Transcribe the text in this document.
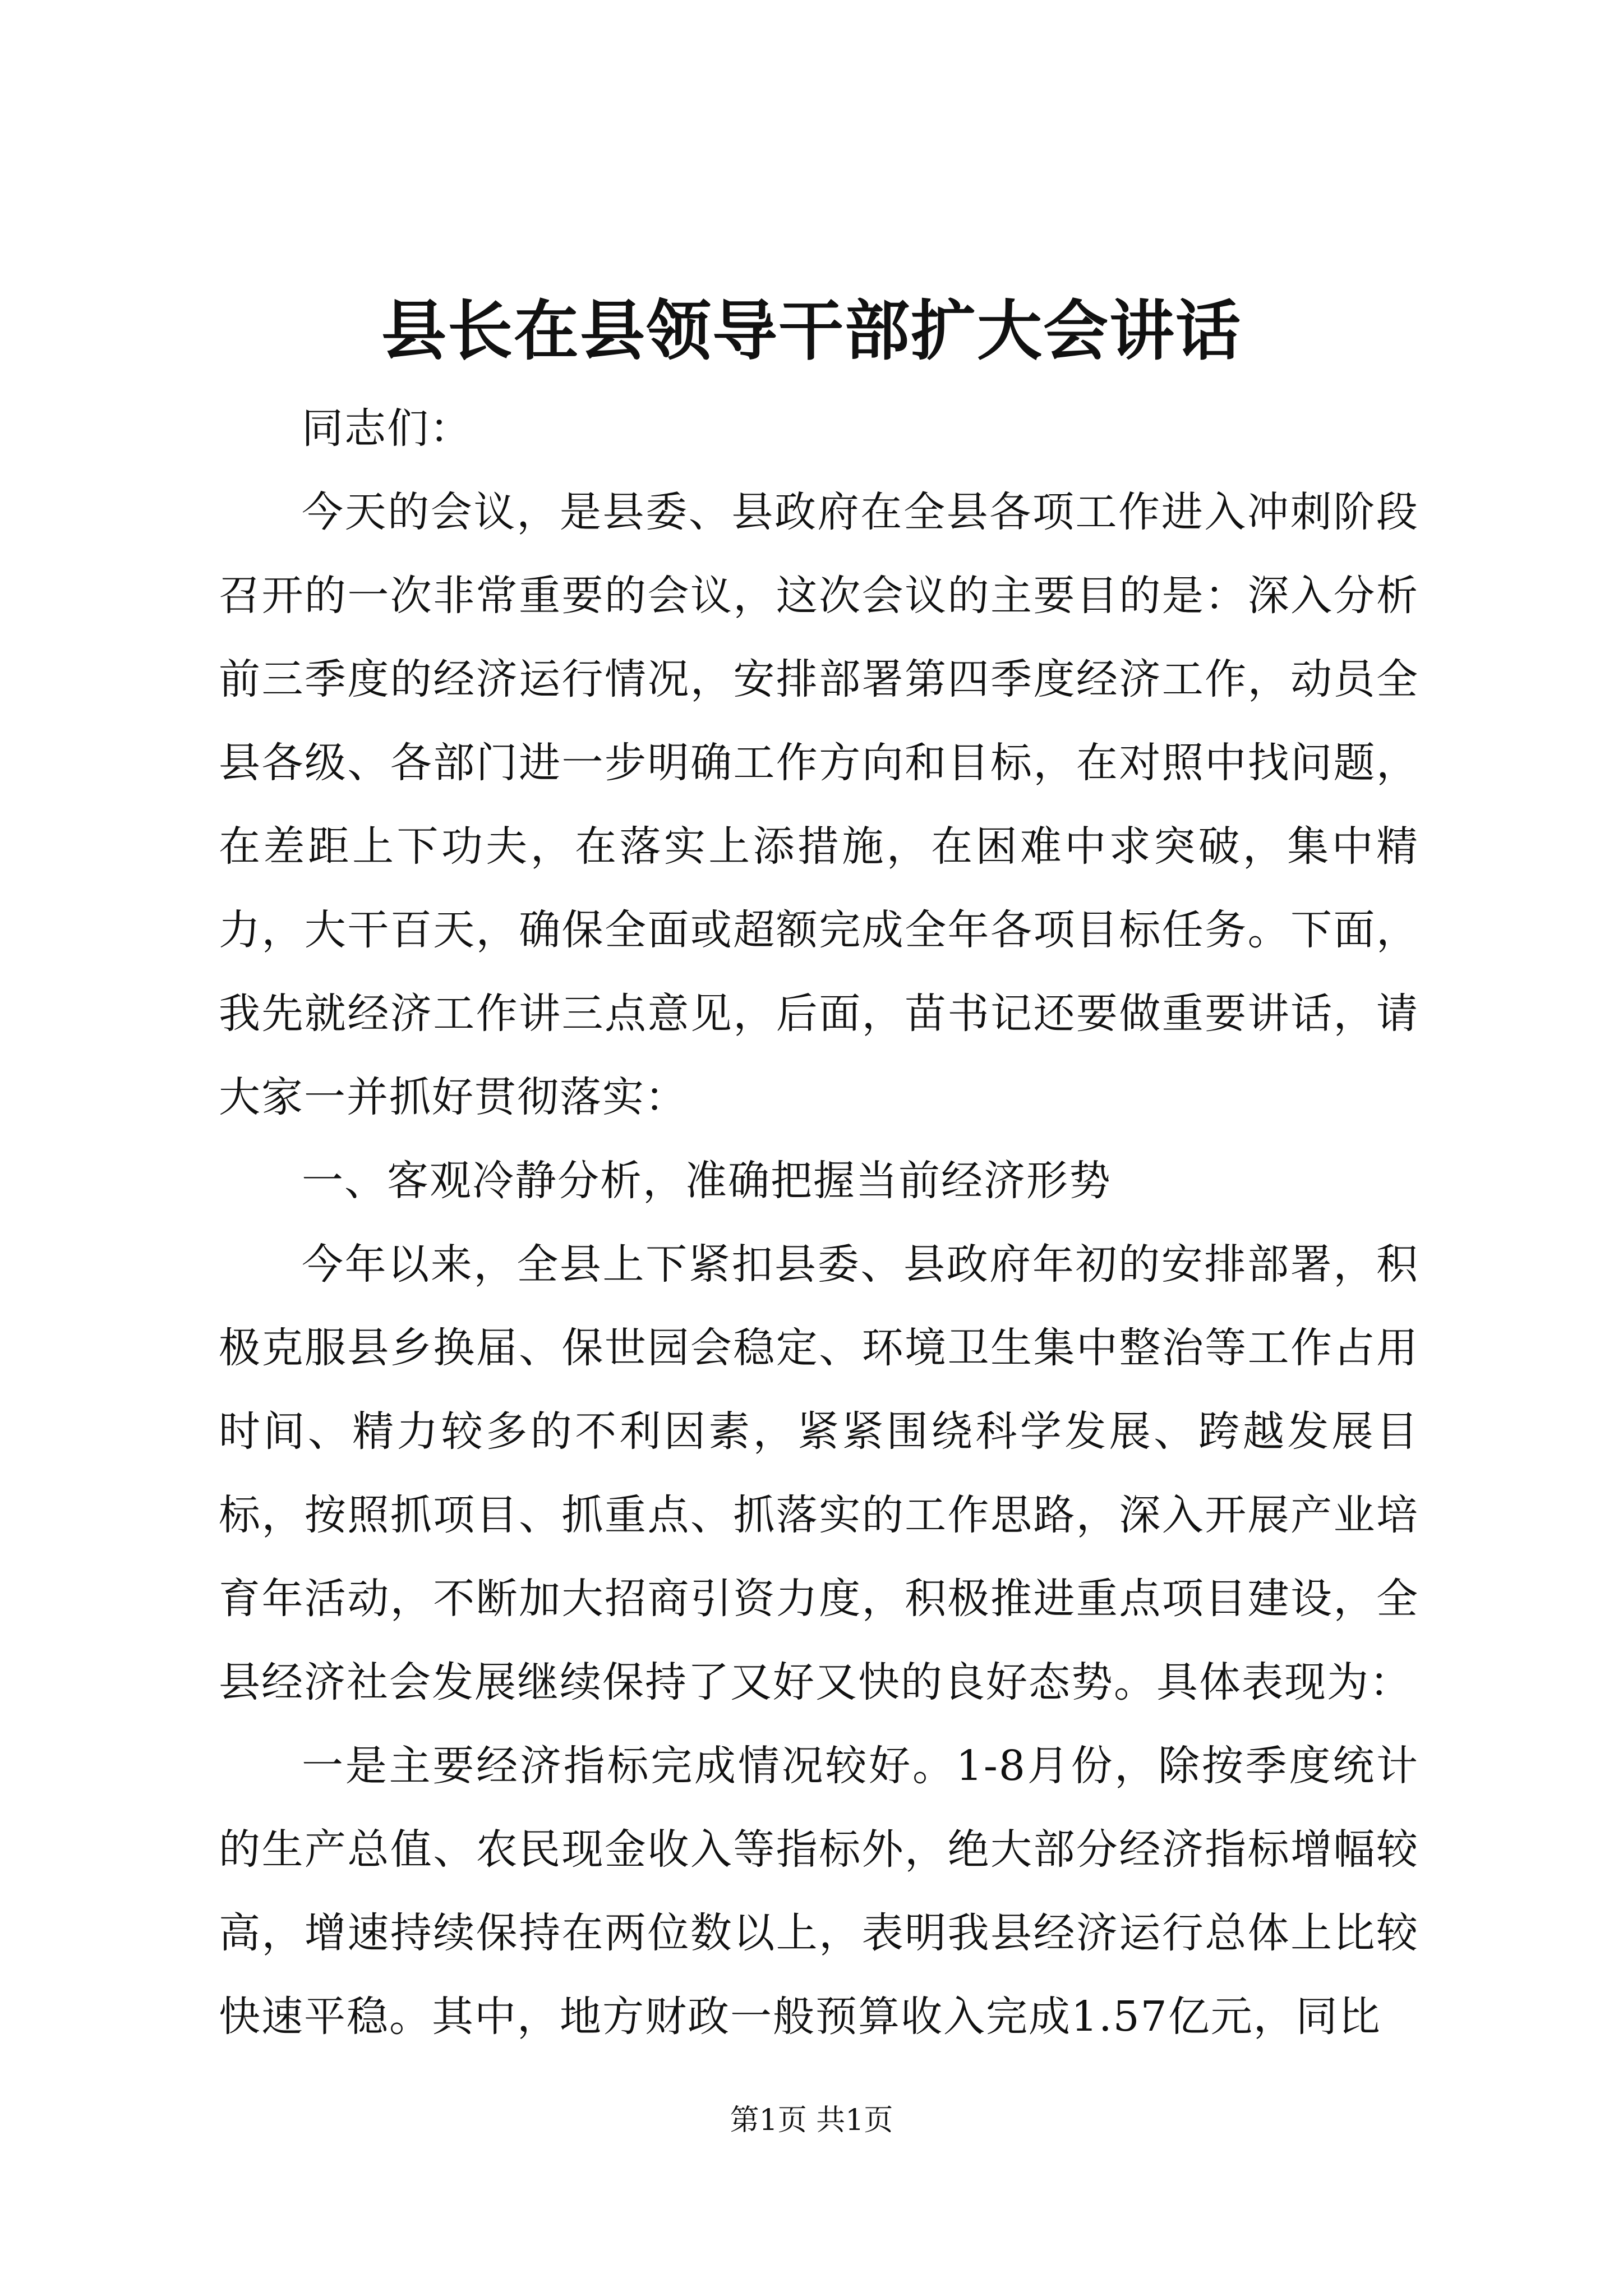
县长在县领导干部扩大会讲话

同志们：

今天的会议，是县委、县政府在全县各项工作进入冲刺阶段召开的一次非常重要的会议，这次会议的主要目的是：深入分析前三季度的经济运行情况，安排部署第四季度经济工作，动员全县各级、各部门进一步明确工作方向和目标，在对照中找问题，在差距上下功夫，在落实上添措施，在困难中求突破，集中精力，大干百天，确保全面或超额完成全年各项目标任务。下面，我先就经济工作讲三点意见，后面，苗书记还要做重要讲话，请大家一并抓好贯彻落实：

一、客观冷静分析，准确把握当前经济形势

今年以来，全县上下紧扣县委、县政府年初的安排部署，积极克服县乡换届、保世园会稳定、环境卫生集中整治等工作占用时间、精力较多的不利因素，紧紧围绕科学发展、跨越发展目标，按照抓项目、抓重点、抓落实的工作思路，深入开展产业培育年活动，不断加大招商引资力度，积极推进重点项目建设，全县经济社会发展继续保持了又好又快的良好态势。具体表现为：

一是主要经济指标完成情况较好。1-8月份，除按季度统计的生产总值、农民现金收入等指标外，绝大部分经济指标增幅较高，增速持续保持在两位数以上，表明我县经济运行总体上比较快速平稳。其中，地方财政一般预算收入完成1.57亿元，同比

第1页 共1页
